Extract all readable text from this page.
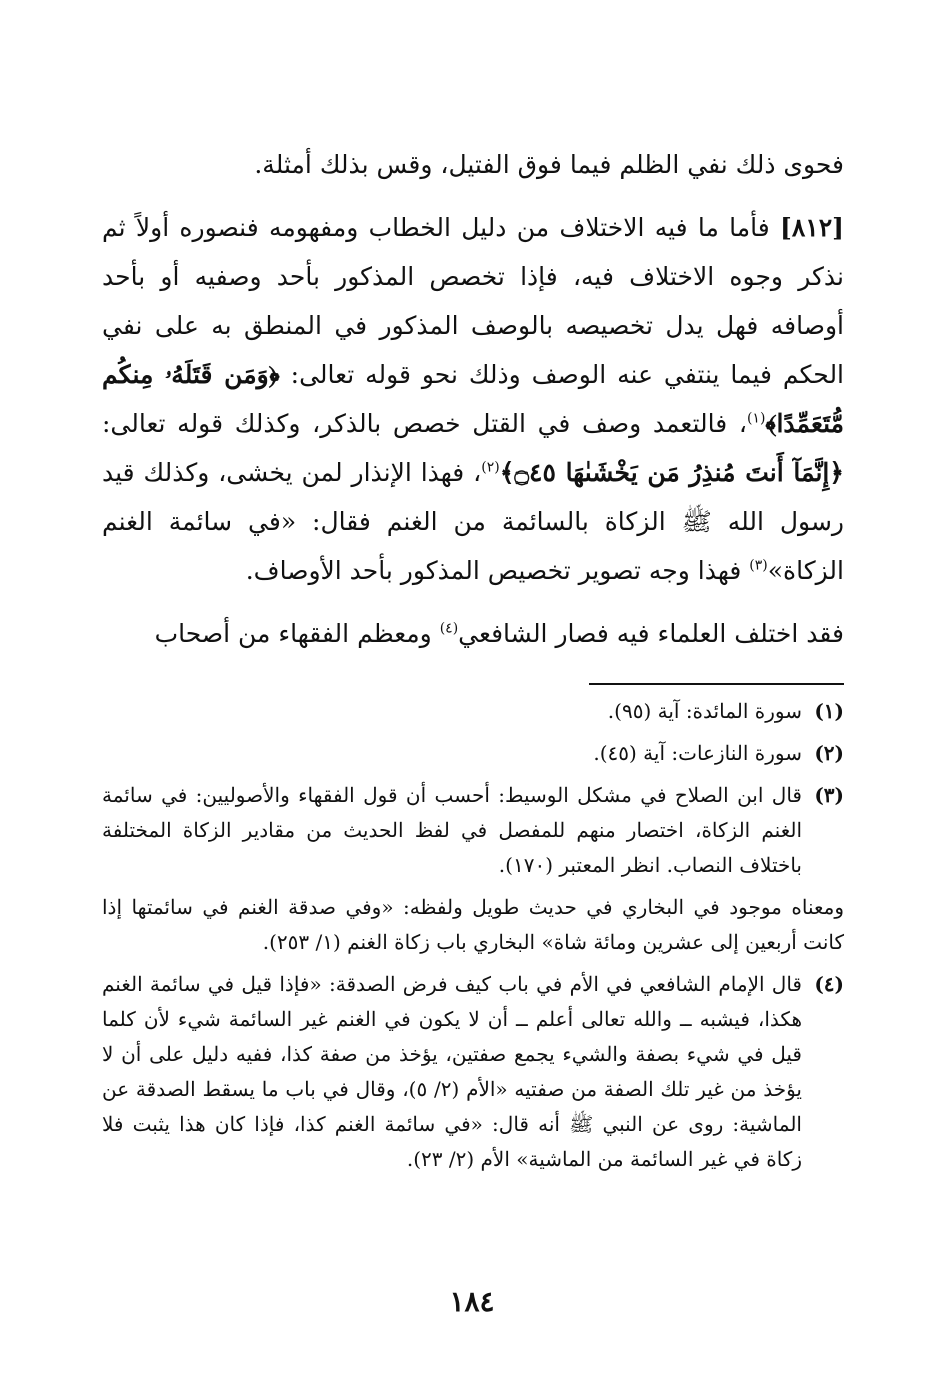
فحوى ذلك نفي الظلم فيما فوق الفتيل، وقس بذلك أمثلة.

[٨١٢] فأما ما فيه الاختلاف من دليل الخطاب ومفهومه فنصوره أولاً ثم نذكر وجوه الاختلاف فيه، فإذا تخصص المذكور بأحد وصفيه أو بأحد أوصافه فهل يدل تخصيصه بالوصف المذكور في المنطق به على نفي الحكم فيما ينتفي عنه الوصف وذلك نحو قوله تعالى: ﴿وَمَن قَتَلَهُۥ مِنكُم مُّتَعَمِّدًا﴾$^{(١)}$، فالتعمد وصف في القتل خصص بالذكر، وكذلك قوله تعالى: ﴿إِنَّمَآ أَنتَ مُنذِرُ مَن يَخْشَىٰهَا ۝٤٥﴾$^{(٢)}$، فهذا الإنذار لمن يخشى، وكذلك قيد رسول الله ﷺ الزكاة بالسائمة من الغنم فقال: «في سائمة الغنم الزكاة»$^{(٣)}$ فهذا وجه تصوير تخصيص المذكور بأحد الأوصاف.

فقد اختلف العلماء فيه فصار الشافعي$^{(٤)}$ ومعظم الفقهاء من أصحاب

(١)
سورة المائدة: آية (٩٥).
(٢)
سورة النازعات: آية (٤٥).
(٣)
قال ابن الصلاح في مشكل الوسيط: أحسب أن قول الفقهاء والأصوليين: في سائمة الغنم الزكاة، اختصار منهم للمفصل في لفظ الحديث من مقادير الزكاة المختلفة باختلاف النصاب. انظر المعتبر (١٧٠).

ومعناه موجود في البخاري في حديث طويل ولفظه: «وفي صدقة الغنم في سائمتها إذا كانت أربعين إلى عشرين ومائة شاة» البخاري باب زكاة الغنم (١/ ٢٥٣).

(٤)
قال الإمام الشافعي في الأم في باب كيف فرض الصدقة: «فإذا قيل في سائمة الغنم هكذا، فيشبه ــ والله تعالى أعلم ــ أن لا يكون في الغنم غير السائمة شيء لأن كلما قيل في شيء بصفة والشيء يجمع صفتين، يؤخذ من صفة كذا، ففيه دليل على أن لا يؤخذ من غير تلك الصفة من صفتيه «الأم (٢/ ٥)، وقال في باب ما يسقط الصدقة عن الماشية: روى عن النبي ﷺ أنه قال: «في سائمة الغنم كذا، فإذا كان هذا يثبت فلا زكاة في غير السائمة من الماشية» الأم (٢/ ٢٣).
١٨٤
